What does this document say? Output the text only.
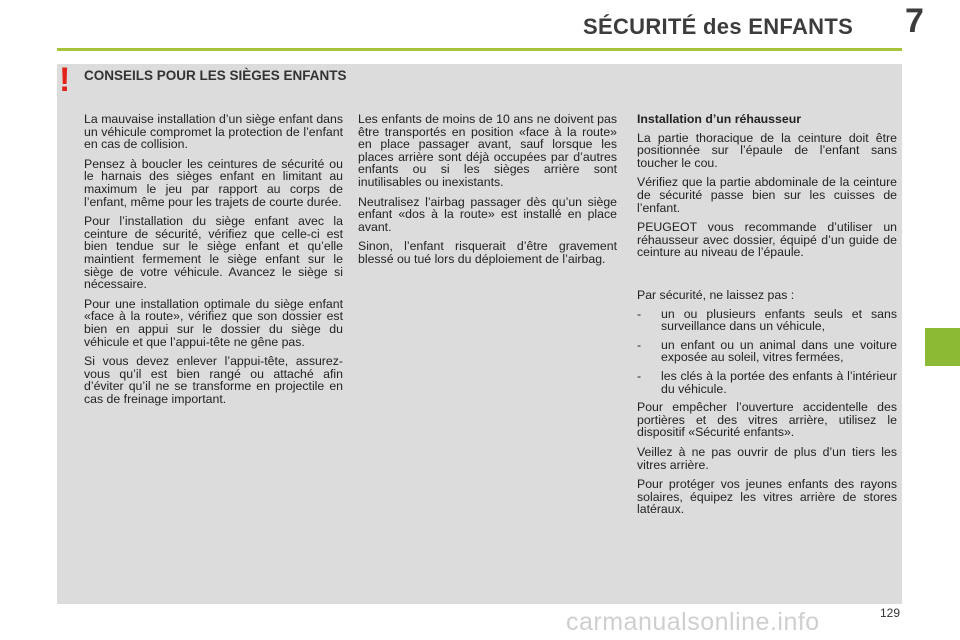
SÉCURITÉ des ENFANTS 7
! CONSEILS POUR LES SIÈGES ENFANTS

La mauvaise installation d’un siège enfant dans un véhicule compromet la protection de l’enfant en cas de collision.

Pensez à boucler les ceintures de sécurité ou le harnais des sièges enfant en limitant au maximum le jeu par rapport au corps de l’enfant, même pour les trajets de courte durée.

Pour l’installation du siège enfant avec la ceinture de sécurité, vérifiez que celle-ci est bien tendue sur le siège enfant et qu’elle maintient fermement le siège enfant sur le siège de votre véhicule. Avancez le siège si nécessaire.

Pour une installation optimale du siège enfant «face à la route», vérifiez que son dossier est bien en appui sur le dossier du siège du véhicule et que l’appui-tête ne gêne pas.

Si vous devez enlever l’appui-tête, assurez-vous qu’il est bien rangé ou attaché afin d’éviter qu’il ne se transforme en projectile en cas de freinage important.

Les enfants de moins de 10 ans ne doivent pas être transportés en position «face à la route» en place passager avant, sauf lorsque les places arrière sont déjà occupées par d’autres enfants ou si les sièges arrière sont inutilisables ou inexistants.

Neutralisez l’airbag passager dès qu’un siège enfant «dos à la route» est installé en place avant.

Sinon, l’enfant risquerait d’être gravement blessé ou tué lors du déploiement de l’airbag.

Installation d’un réhausseur

La partie thoracique de la ceinture doit être positionnée sur l’épaule de l’enfant sans toucher le cou.

Vérifiez que la partie abdominale de la ceinture de sécurité passe bien sur les cuisses de l’enfant.

PEUGEOT vous recommande d’utiliser un réhausseur avec dossier, équipé d’un guide de ceinture au niveau de l’épaule.

Par sécurité, ne laissez pas :

- un ou plusieurs enfants seuls et sans surveillance dans un véhicule,
- un enfant ou un animal dans une voiture exposée au soleil, vitres fermées,
- les clés à la portée des enfants à l’intérieur du véhicule.

Pour empêcher l’ouverture accidentelle des portières et des vitres arrière, utilisez le dispositif «Sécurité enfants».

Veillez à ne pas ouvrir de plus d’un tiers les vitres arrière.

Pour protéger vos jeunes enfants des rayons solaires, équipez les vitres arrière de stores latéraux.

129
carmanualsonline.info
